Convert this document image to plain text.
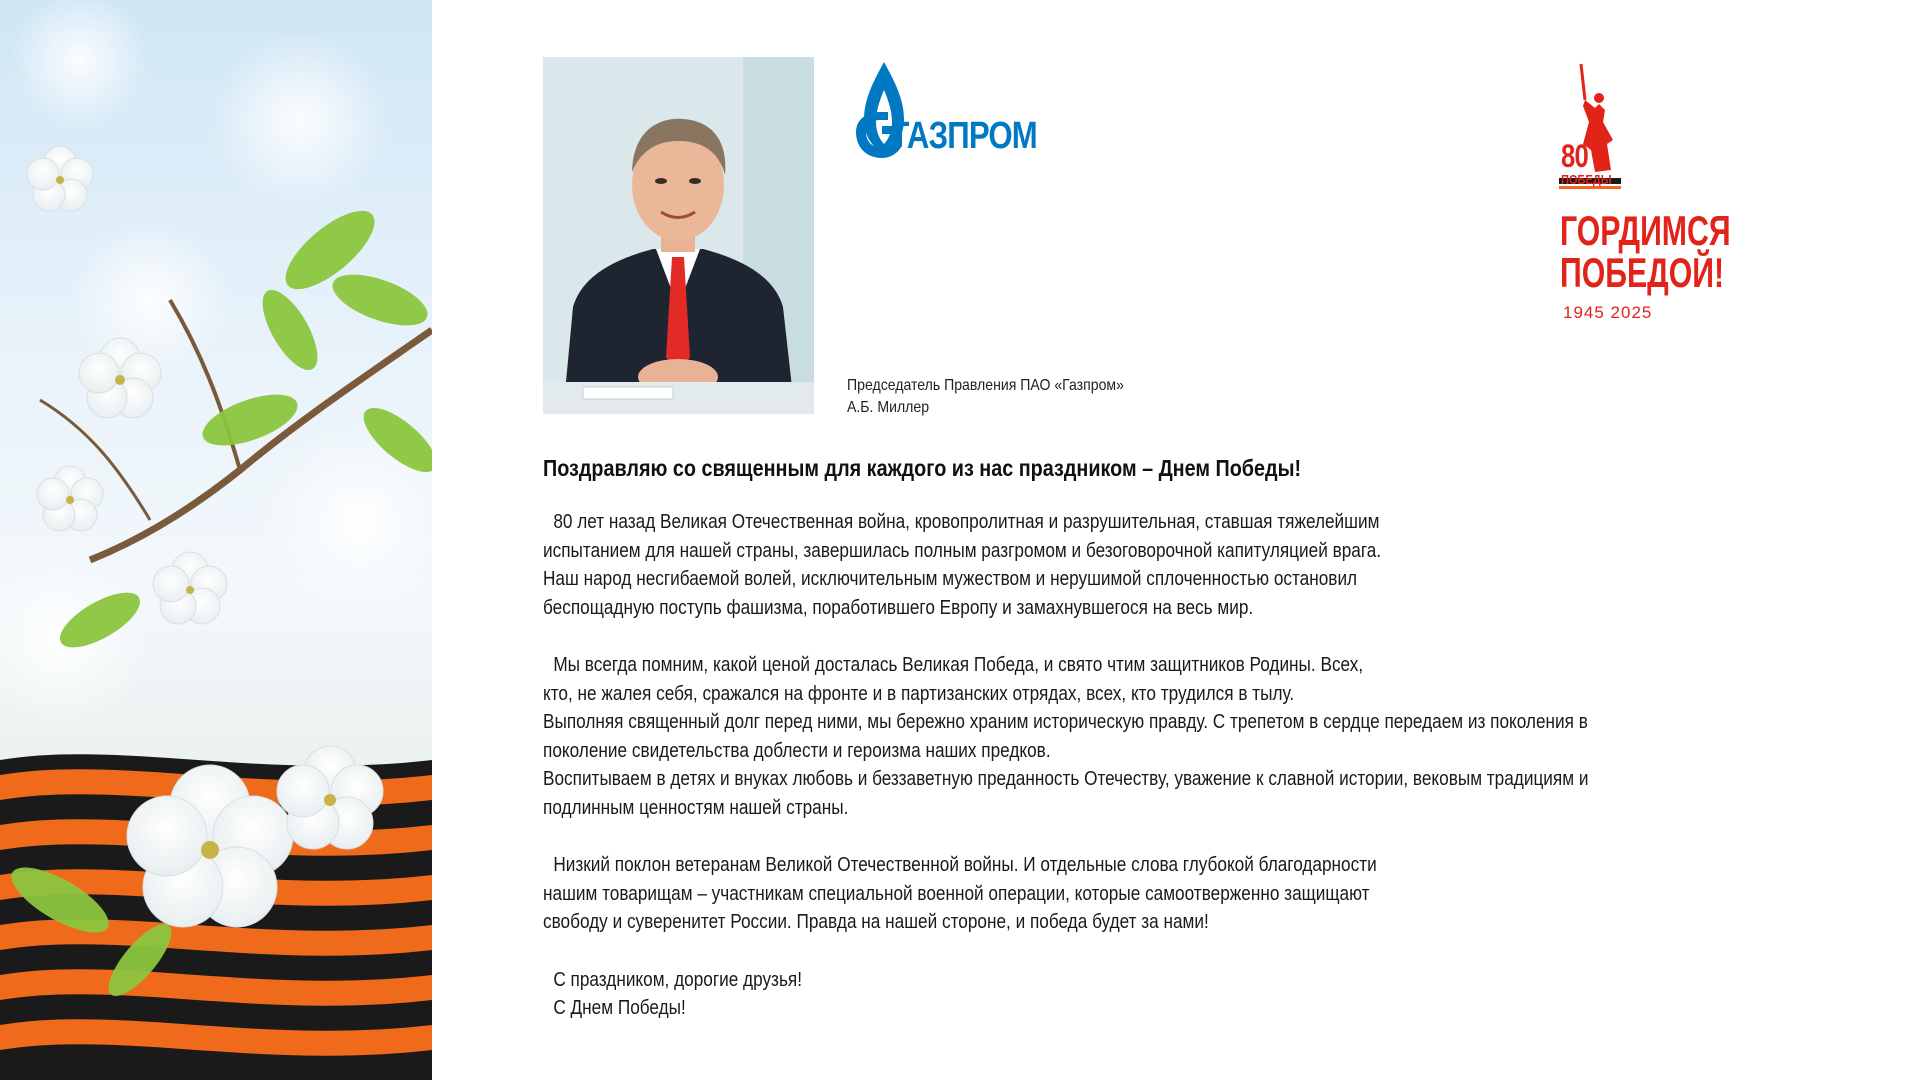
ГАЗПРОМ
Председатель Правления ПАО «Газпром»
А.Б. Миллер
80
ПОБЕДЫ
ГОРДИМСЯ
ПОБЕДОЙ!
1945 2025
Поздравляю со священным для каждого из нас праздником – Днем Победы!
80 лет назад Великая Отечественная война, кровопролитная и разрушительная, ставшая тяжелейшим
испытанием для нашей страны, завершилась полным разгромом и безоговорочной капитуляцией врага.
Наш народ несгибаемой волей, исключительным мужеством и нерушимой сплоченностью остановил
беспощадную поступь фашизма, поработившего Европу и замахнувшегося на весь мир.
Мы всегда помним, какой ценой досталась Великая Победа, и свято чтим защитников Родины. Всех,
кто, не жалея себя, сражался на фронте и в партизанских отрядах, всех, кто трудился в тылу.
Выполняя священный долг перед ними, мы бережно храним историческую правду. С трепетом в сердце передаем из поколения в
поколение свидетельства доблести и героизма наших предков.
Воспитываем в детях и внуках любовь и беззаветную преданность Отечеству, уважение к славной истории, вековым традициям и
подлинным ценностям нашей страны.
Низкий поклон ветеранам Великой Отечественной войны. И отдельные слова глубокой благодарности
нашим товарищам – участникам специальной военной операции, которые самоотверженно защищают
свободу и суверенитет России. Правда на нашей стороне, и победа будет за нами!
С праздником, дорогие друзья!
С Днем Победы!
